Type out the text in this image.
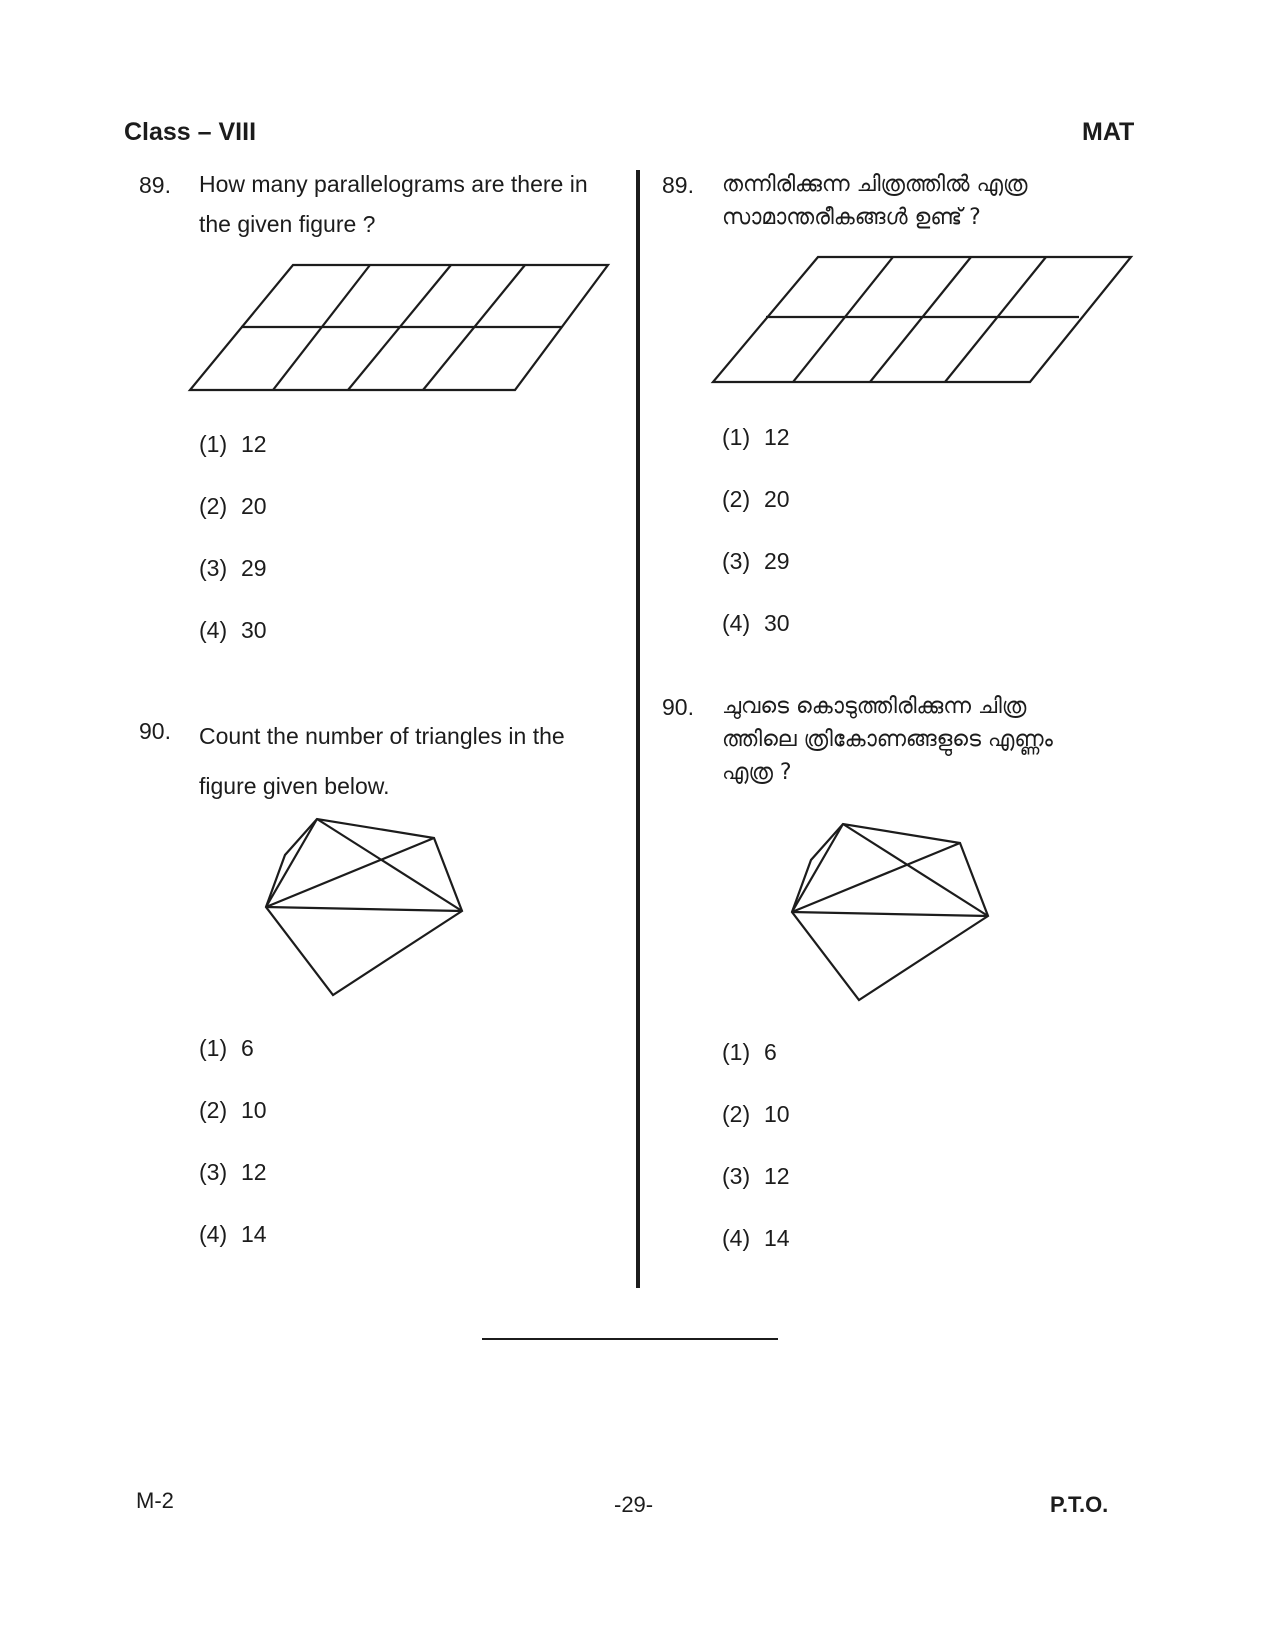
Class – VIII	MAT
89. How many parallelograms are there in
the given figure ?
(1) 12
(2) 20
(3) 29
(4) 30
90. Count the number of triangles in the
figure given below.
(1) 6
(2) 10
(3) 12
(4) 14
89. തന്നിരിക്കുന്ന ചിത്രത്തിൽ എത്ര
സാമാന്തരീകങ്ങൾ ഉണ്ട് ?
(1) 12
(2) 20
(3) 29
(4) 30
90. ചുവടെ കൊടുത്തിരിക്കുന്ന ചിത്ര
ത്തിലെ ത്രികോണങ്ങളുടെ എണ്ണം
എത്ര ?
(1) 6
(2) 10
(3) 12
(4) 14
M-2	-29-	P.T.O.
